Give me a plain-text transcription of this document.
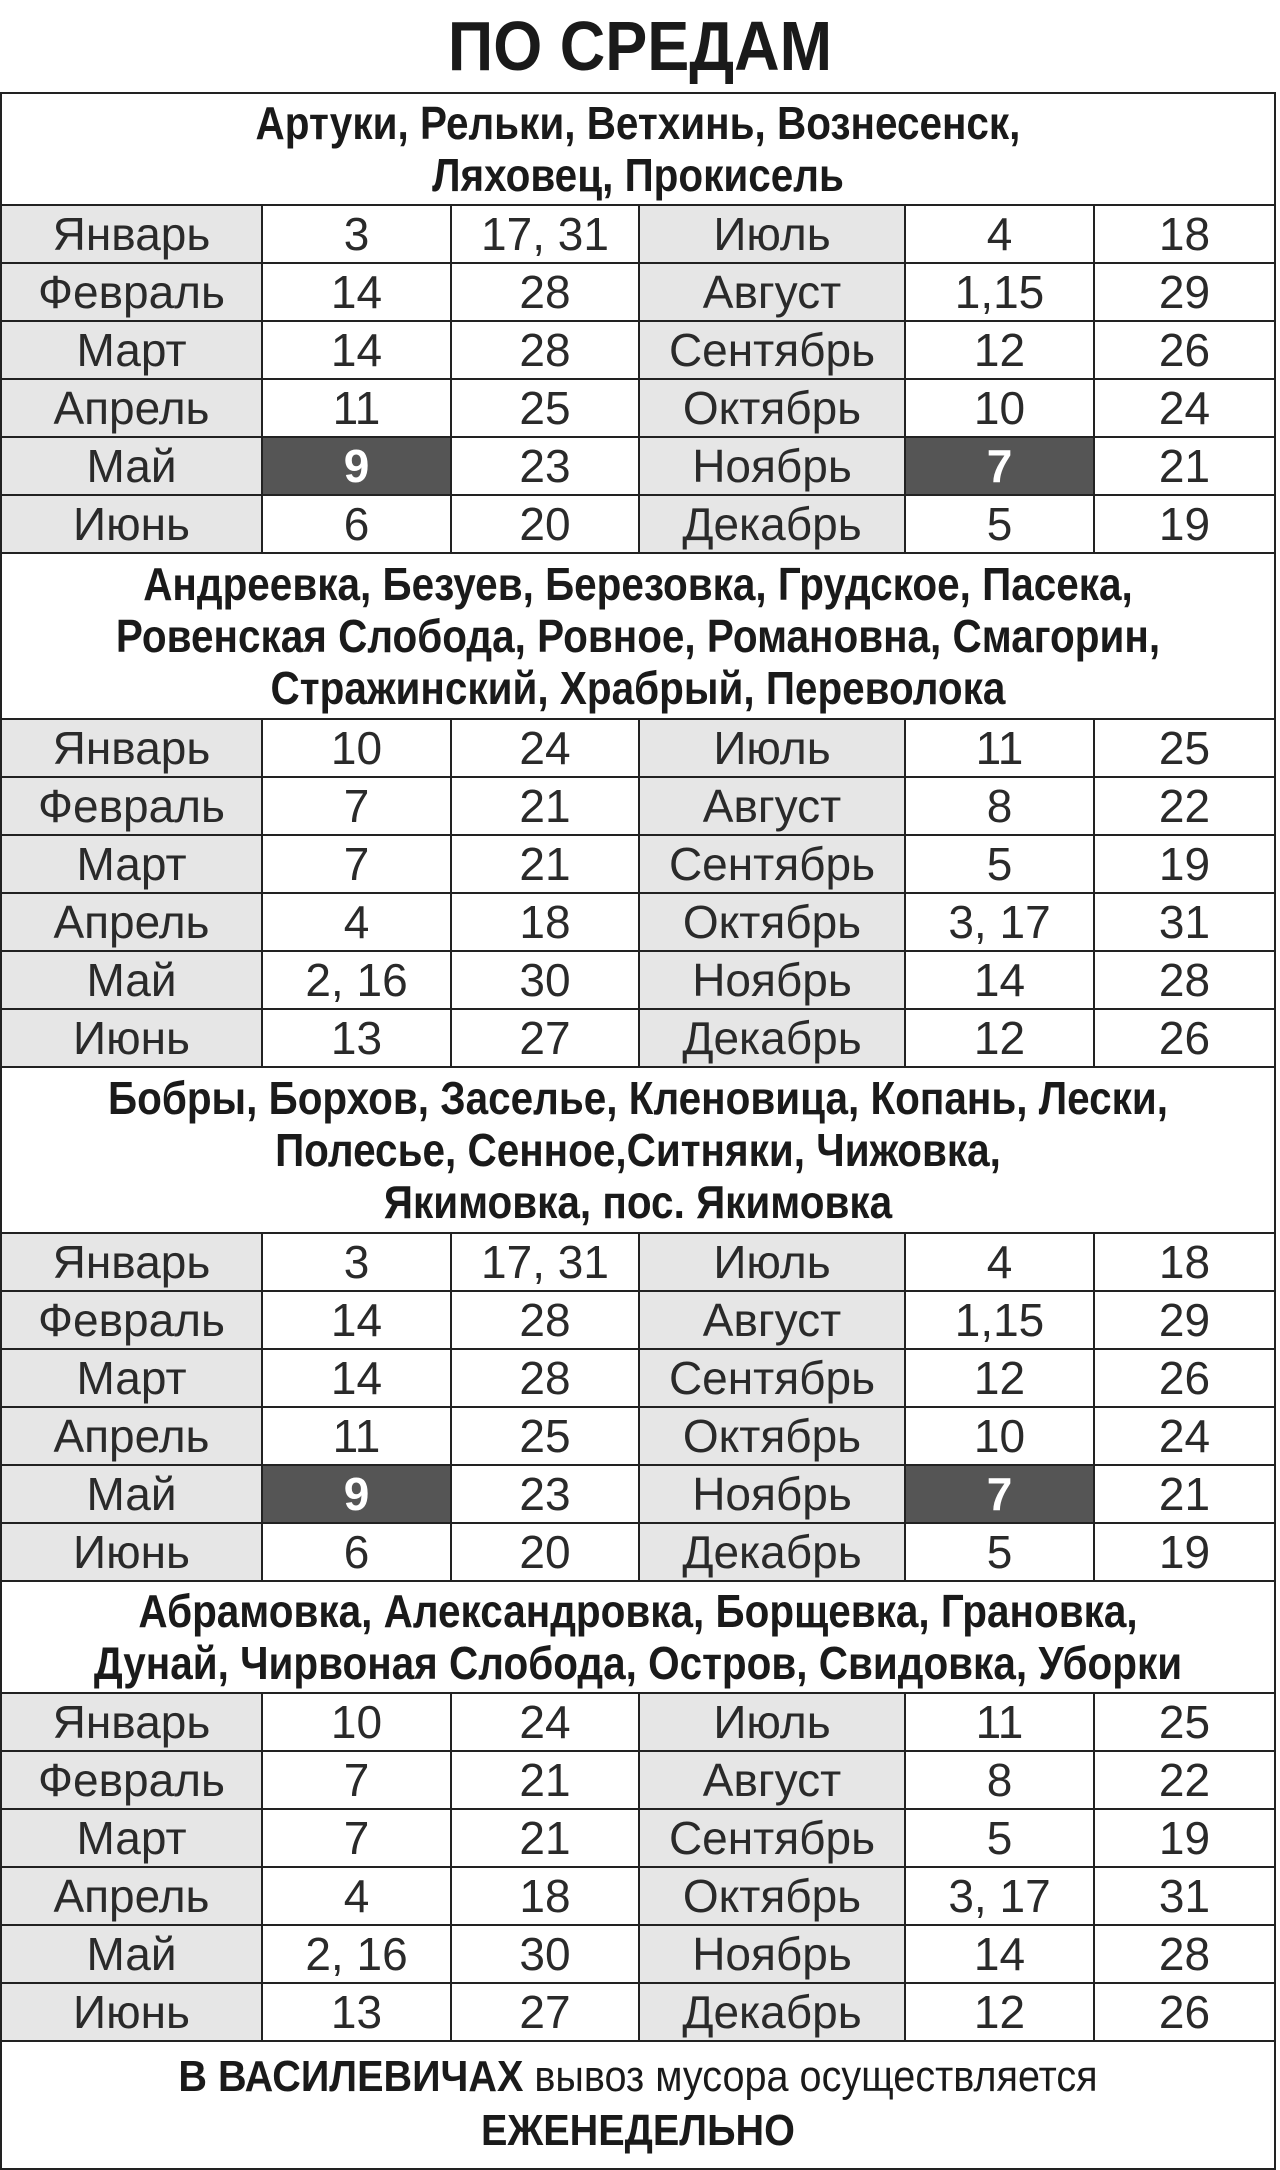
ПО СРЕДАМ
Артуки, Рельки, Ветхинь, Вознесенск,
Ляховец, Прокисель
Январь	3	17, 31	Июль	4	18
Февраль	14	28	Август	1,15	29
Март	14	28	Сентябрь	12	26
Апрель	11	25	Октябрь	10	24
Май	9	23	Ноябрь	7	21
Июнь	6	20	Декабрь	5	19
Андреевка, Безуев, Березовка, Грудское, Пасека,
Ровенская Слобода, Ровное, Романовна, Смагорин,
Стражинский, Храбрый, Переволока
Январь	10	24	Июль	11	25
Февраль	7	21	Август	8	22
Март	7	21	Сентябрь	5	19
Апрель	4	18	Октябрь	3, 17	31
Май	2, 16	30	Ноябрь	14	28
Июнь	13	27	Декабрь	12	26
Бобры, Борхов, Заселье, Кленовица, Копань, Лески,
Полесье, Сенное,Ситняки, Чижовка,
Якимовка, пос. Якимовка
Январь	3	17, 31	Июль	4	18
Февраль	14	28	Август	1,15	29
Март	14	28	Сентябрь	12	26
Апрель	11	25	Октябрь	10	24
Май	9	23	Ноябрь	7	21
Июнь	6	20	Декабрь	5	19
Абрамовка, Александровка, Борщевка, Грановка,
Дунай, Чирвоная Слобода, Остров, Свидовка, Уборки
Январь	10	24	Июль	11	25
Февраль	7	21	Август	8	22
Март	7	21	Сентябрь	5	19
Апрель	4	18	Октябрь	3, 17	31
Май	2, 16	30	Ноябрь	14	28
Июнь	13	27	Декабрь	12	26
В ВАСИЛЕВИЧАХ вывоз мусора осуществляется
ЕЖЕНЕДЕЛЬНО
